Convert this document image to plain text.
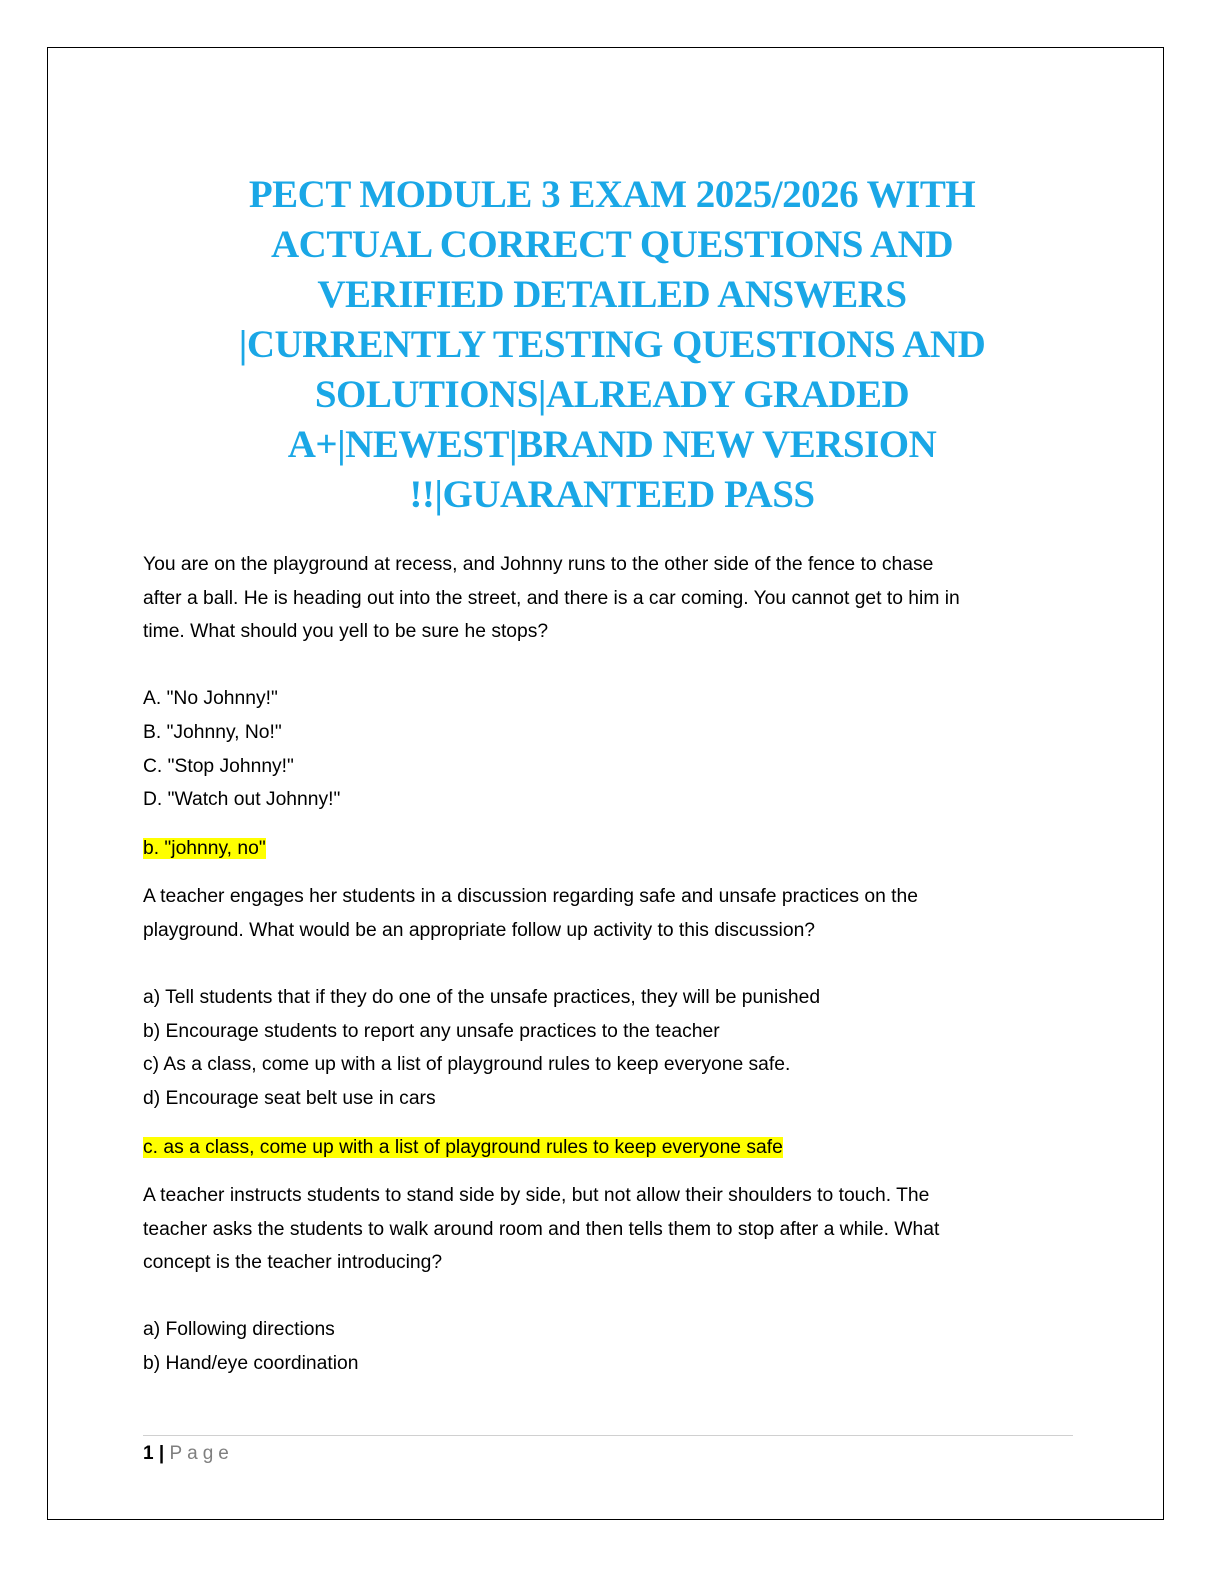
PECT MODULE 3 EXAM 2025/2026 WITH
ACTUAL CORRECT QUESTIONS AND
VERIFIED DETAILED ANSWERS
|CURRENTLY TESTING QUESTIONS AND
SOLUTIONS|ALREADY GRADED
A+|NEWEST|BRAND NEW VERSION
!!|GUARANTEED PASS

You are on the playground at recess, and Johnny runs to the other side of the fence to chase
after a ball. He is heading out into the street, and there is a car coming. You cannot get to him in
time. What should you yell to be sure he stops?

A. "No Johnny!"
B. "Johnny, No!"
C. "Stop Johnny!"
D. "Watch out Johnny!"

b. "johnny, no"

A teacher engages her students in a discussion regarding safe and unsafe practices on the
playground. What would be an appropriate follow up activity to this discussion?

a) Tell students that if they do one of the unsafe practices, they will be punished
b) Encourage students to report any unsafe practices to the teacher
c) As a class, come up with a list of playground rules to keep everyone safe.
d) Encourage seat belt use in cars

c. as a class, come up with a list of playground rules to keep everyone safe

A teacher instructs students to stand side by side, but not allow their shoulders to touch. The
teacher asks the students to walk around room and then tells them to stop after a while. What
concept is the teacher introducing?

a) Following directions
b) Hand/eye coordination
1 | Page
